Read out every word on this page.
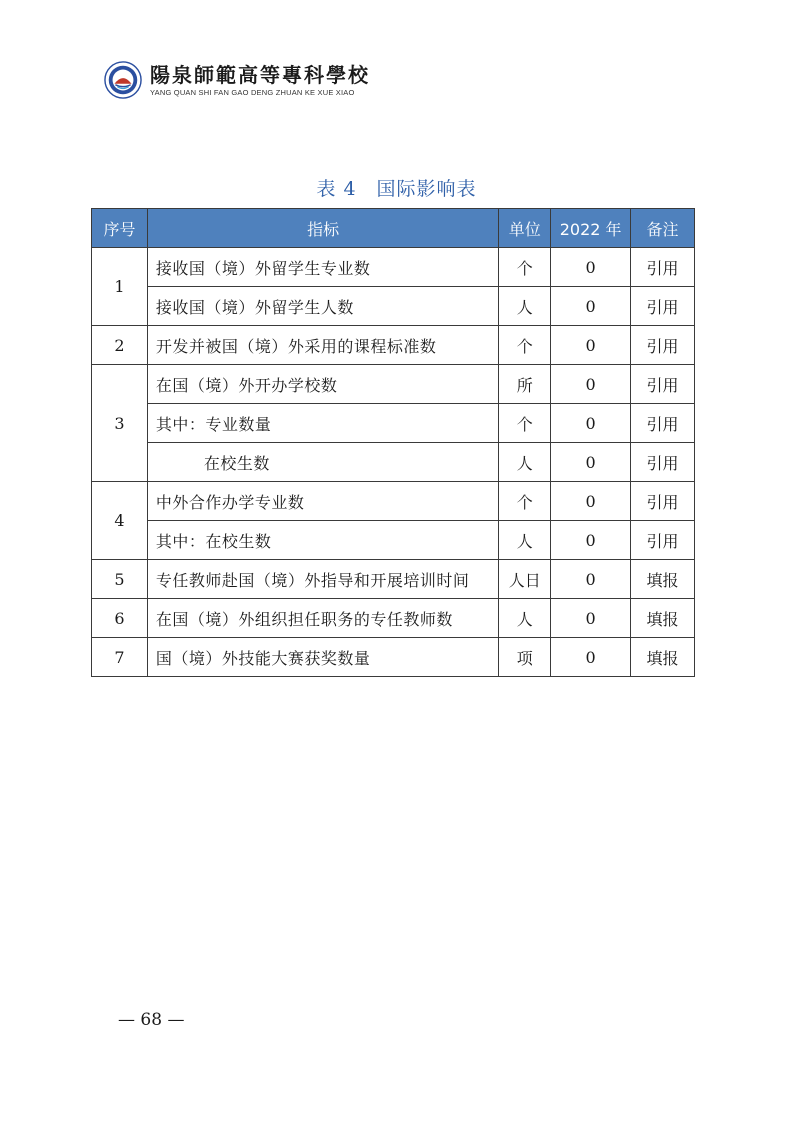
陽泉師範高等專科學校
YANG QUAN SHI FAN GAO DENG ZHUAN KE XUE XIAO
表 4　国际影响表
序号	指标	单位	2022 年	备注
1	接收国（境）外留学生专业数	个	0	引用
	接收国（境）外留学生人数	人	0	引用
2	开发并被国（境）外采用的课程标准数	个	0	引用
3	在国（境）外开办学校数	所	0	引用
	其中：专业数量	个	0	引用
	在校生数	人	0	引用
4	中外合作办学专业数	个	0	引用
	其中：在校生数	人	0	引用
5	专任教师赴国（境）外指导和开展培训时间	人日	0	填报
6	在国（境）外组织担任职务的专任教师数	人	0	填报
7	国（境）外技能大赛获奖数量	项	0	填报
— 68 —
